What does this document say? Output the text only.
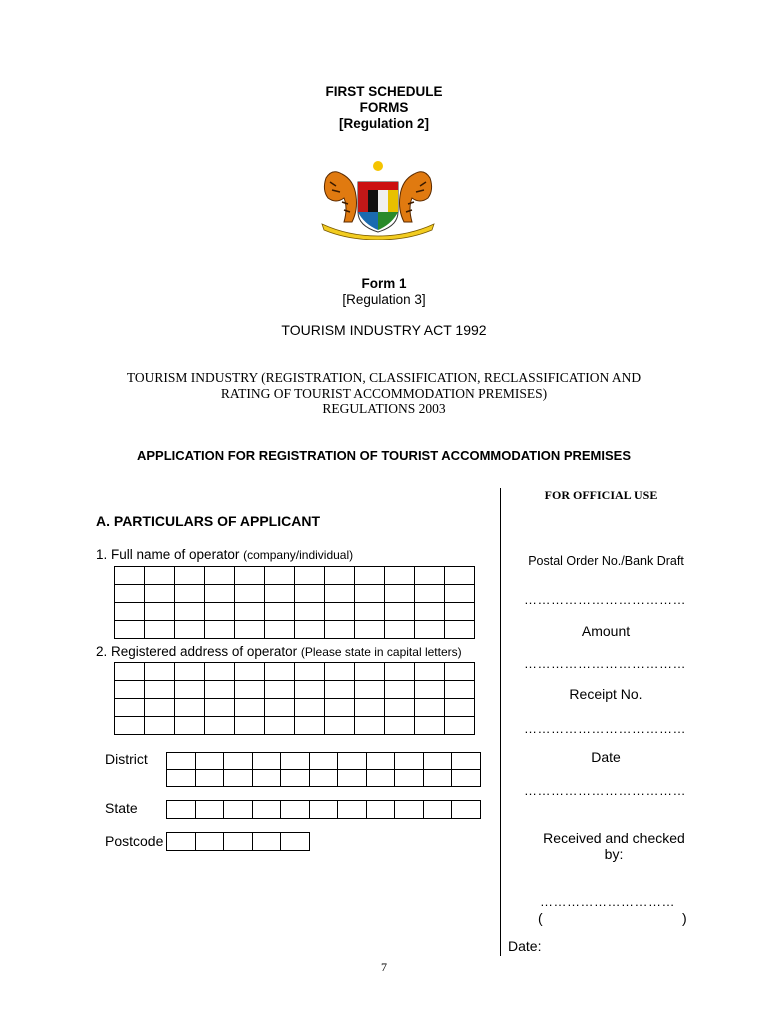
FIRST SCHEDULE
FORMS
[Regulation 2]
Form 1
[Regulation 3]
TOURISM INDUSTRY ACT 1992
TOURISM INDUSTRY (REGISTRATION, CLASSIFICATION, RECLASSIFICATION AND
RATING OF TOURIST ACCOMMODATION PREMISES)
REGULATIONS 2003
APPLICATION FOR REGISTRATION OF TOURIST ACCOMMODATION PREMISES
A. PARTICULARS OF APPLICANT
1. Full name of operator (company/individual)
2. Registered address of operator (Please state in capital letters)
District
State
Postcode
FOR OFFICIAL USE
Postal Order No./Bank Draft
………………………………
Amount
………………………………
Receipt No.
………………………………
Date
………………………………
Received and checked
by:
…………………………
(	)
Date:
7
